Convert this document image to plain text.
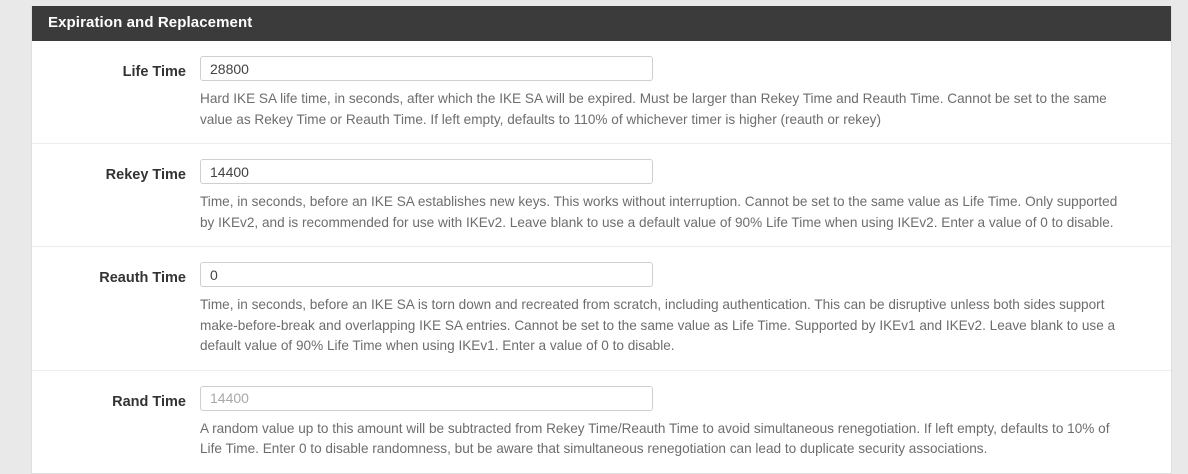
Expiration and Replacement
Life Time
28800
Hard IKE SA life time, in seconds, after which the IKE SA will be expired. Must be larger than Rekey Time and Reauth Time. Cannot be set to the same value as Rekey Time or Reauth Time. If left empty, defaults to 110% of whichever timer is higher (reauth or rekey)
Rekey Time
14400
Time, in seconds, before an IKE SA establishes new keys. This works without interruption. Cannot be set to the same value as Life Time. Only supported by IKEv2, and is recommended for use with IKEv2. Leave blank to use a default value of 90% Life Time when using IKEv2. Enter a value of 0 to disable.
Reauth Time
0
Time, in seconds, before an IKE SA is torn down and recreated from scratch, including authentication. This can be disruptive unless both sides support make-before-break and overlapping IKE SA entries. Cannot be set to the same value as Life Time. Supported by IKEv1 and IKEv2. Leave blank to use a default value of 90% Life Time when using IKEv1. Enter a value of 0 to disable.
Rand Time
14400
A random value up to this amount will be subtracted from Rekey Time/Reauth Time to avoid simultaneous renegotiation. If left empty, defaults to 10% of Life Time. Enter 0 to disable randomness, but be aware that simultaneous renegotiation can lead to duplicate security associations.
